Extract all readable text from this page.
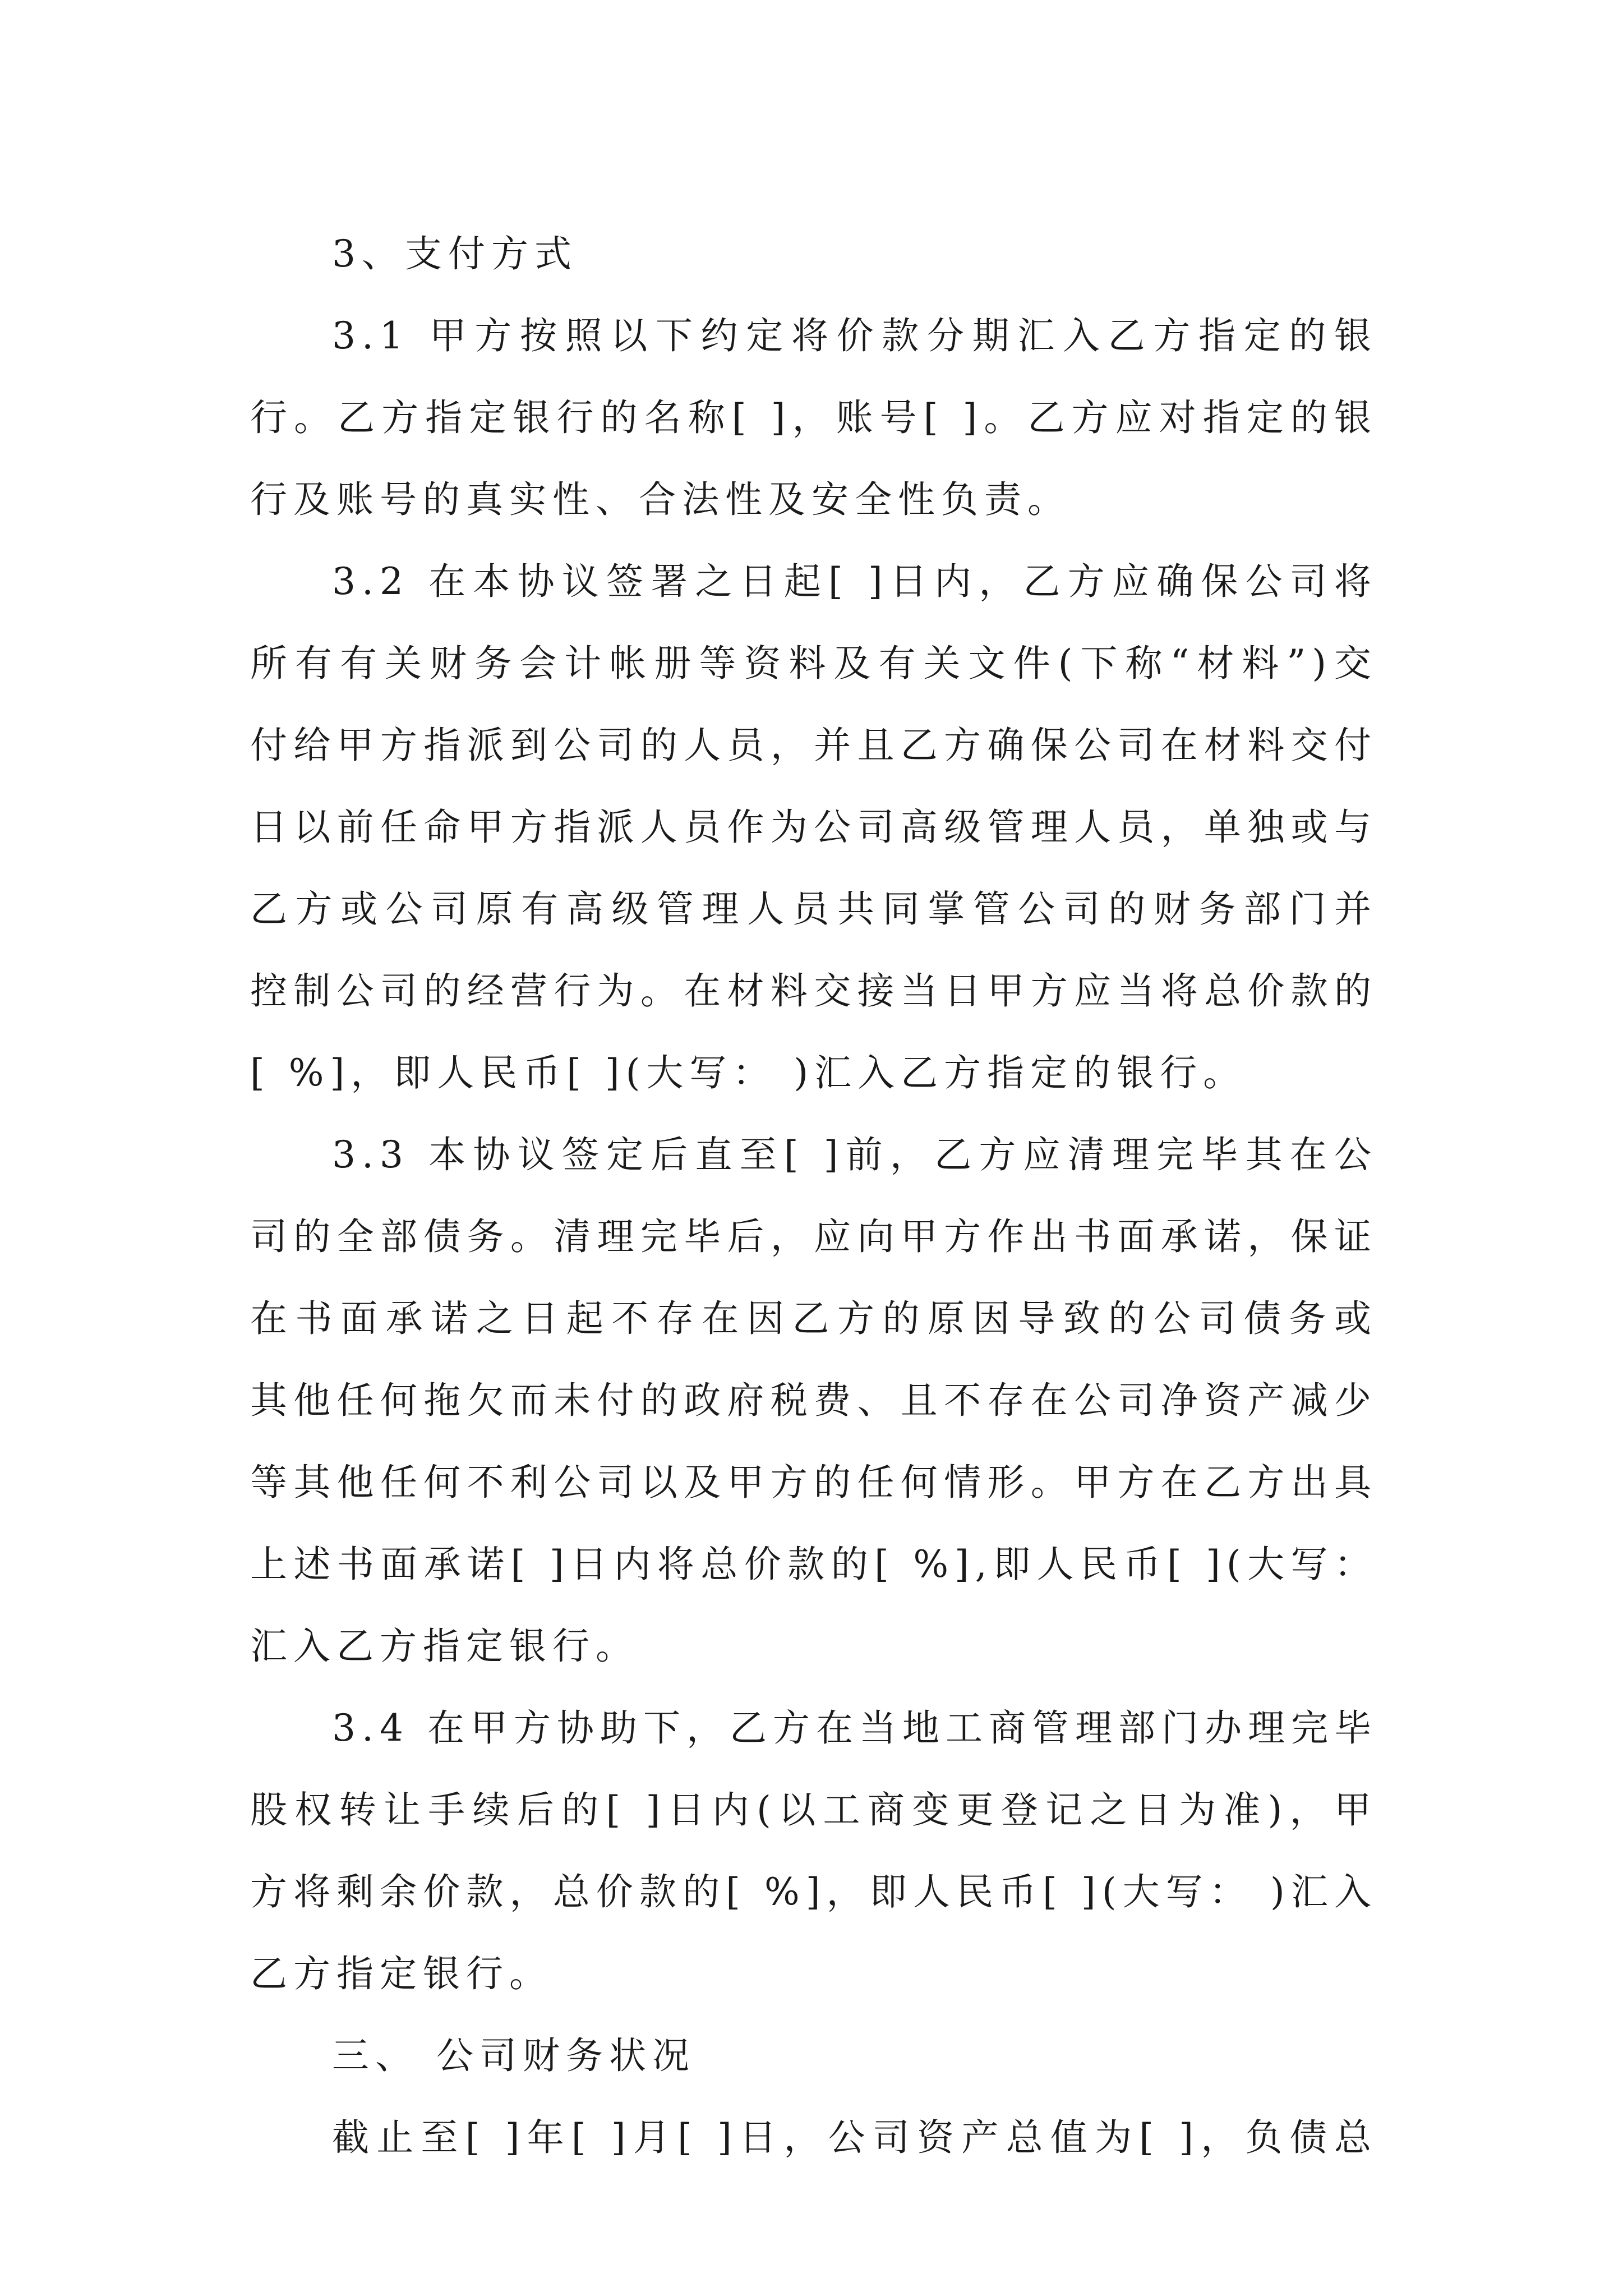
3、支付方式
3.1 甲方按照以下约定将价款分期汇入乙方指定的银
行。乙方指定银行的名称[ ]，账号[ ]。乙方应对指定的银
行及账号的真实性、合法性及安全性负责。
3.2 在本协议签署之日起[ ]日内，乙方应确保公司将
所有有关财务会计帐册等资料及有关文件(下称“材料”)交
付给甲方指派到公司的人员，并且乙方确保公司在材料交付
日以前任命甲方指派人员作为公司高级管理人员，单独或与
乙方或公司原有高级管理人员共同掌管公司的财务部门并
控制公司的经营行为。在材料交接当日甲方应当将总价款的
[ %]，即人民币[ ](大写： )汇入乙方指定的银行。
3.3 本协议签定后直至[ ]前，乙方应清理完毕其在公
司的全部债务。清理完毕后，应向甲方作出书面承诺，保证
在书面承诺之日起不存在因乙方的原因导致的公司债务或
其他任何拖欠而未付的政府税费、且不存在公司净资产减少
等其他任何不利公司以及甲方的任何情形。甲方在乙方出具
上述书面承诺[ ]日内将总价款的[ %],即人民币[ ](大写：
汇入乙方指定银行。
3.4 在甲方协助下，乙方在当地工商管理部门办理完毕
股权转让手续后的[ ]日内(以工商变更登记之日为准)，甲
方将剩余价款，总价款的[ %]，即人民币[ ](大写： )汇入
乙方指定银行。
三、 公司财务状况
截止至[ ]年[ ]月[ ]日，公司资产总值为[ ]，负债总
